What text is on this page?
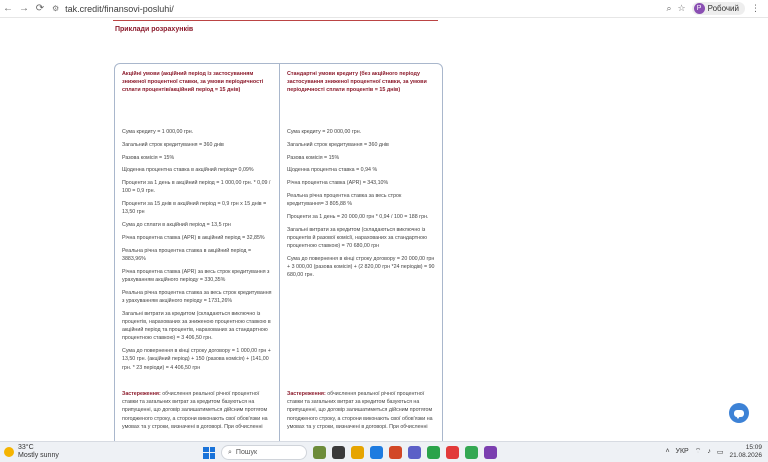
← → ⟳ ⚙ tak.credit/finansovi-posluhi/	⌕ ☆	Р Робочий ⋮
Приклади розрахунків
Акційні умови (акційний період із застосуванням зниженої процентної ставки, за умови періодичності сплати процентів/акційний період = 15 днів)
Сума кредиту = 1 000,00 грн.
Загальний строк кредитування = 360 днів
Разова комісія = 15%
Щоденна процентна ставка в акційний період= 0,09%
Проценти за 1 день в акційний період = 1 000,00 грн. * 0,09 / 100 = 0,9 грн.
Проценти за 15 днів в акційний період = 0,9 грн х 15 днів = 13,50 грн
Сума до сплати в акційний період = 13,5 грн
Річна процентна ставка (APR) в акційний період = 32,85%
Реальна річна процентна ставка в акційний період = 3883,96%
Річна процентна ставка (APR) за весь строк кредитування з урахуванням акційного періоду = 330,35%
Реальна річна процентна ставка за весь строк кредитування з урахуванням акційного періоду = 1731,26%
Загальні витрати за кредитом (складаються виключно із процентів, нарахованих за зниженою процентною ставкою в акційний період та процентів, нарахованих за стандартною процентною ставкою) = 3 406,50 грн.
Сума до повернення в кінці строку договору = 1 000,00 грн + 13,50 грн. (акційний період) + 150 (разова комісія) + (141,00 грн. * 23 періоди) = 4 406,50 грн
Застереження: обчислення реальної річної процентної ставки та загальних витрат за кредитом базуються на припущенні, що договір залишатиметься дійсним протягом погодженого строку, а сторони виконають свої обов'язки на умовах та у строки, визначені в договорі. При обчисленні
Стандартні умови кредиту (без акційного періоду застосування зниженої процентної ставки, за умови періодичності сплати процентів = 15 днів)
Сума кредиту = 20 000,00 грн.
Загальний строк кредитування = 360 днів
Разова комісія = 15%
Щоденна процентна ставка = 0,94 %
Річна процентна ставка (APR) = 343,10%
Реальна річна процентна ставка за весь строк кредитування= 3 805,88 %
Проценти за 1 день = 20 000,00 грн * 0,94 / 100 = 188 грн.
Загальні витрати за кредитом (складаються виключно із процентів й разової комісії, нарахованих за стандартною процентною ставкою) = 70 680,00 грн
Сума до повернення в кінці строку договору = 20 000,00 грн + 3 000,00 (разова комісія) + (2 820,00 грн *24 періодів) = 90 680,00 грн.
Застереження: обчислення реальної річної процентної ставки та загальних витрат за кредитом базуються на припущенні, що договір залишатиметься дійсним протягом погодженого строку, а сторони виконають свої обов'язки на умовах та у строки, визначені в договорі. При обчисленні
33°C
Mostly sunny	⌕ Пошук	˄ УКР ⌔ ♪ ▭
15:09
21.08.2026
